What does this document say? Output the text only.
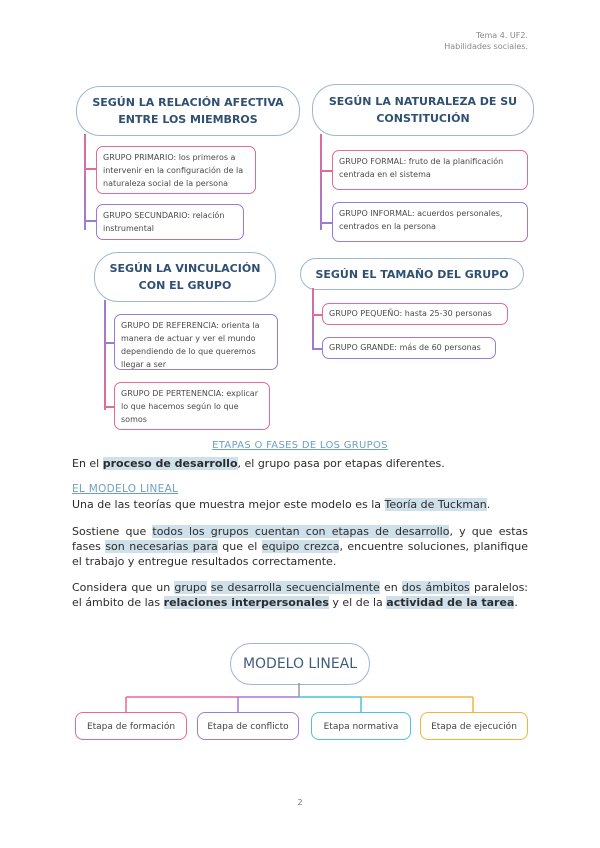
Tema 4. UF2.
Habilidades sociales.
SEGÚN LA RELACIÓN AFECTIVA ENTRE LOS MIEMBROS
GRUPO PRIMARIO: los primeros a intervenir en la configuración de la naturaleza social de la persona
GRUPO SECUNDARIO: relación instrumental
SEGÚN LA NATURALEZA DE SU CONSTITUCIÓN
GRUPO FORMAL: fruto de la planificación centrada en el sistema
GRUPO INFORMAL: acuerdos personales, centrados en la persona
SEGÚN LA VINCULACIÓN CON EL GRUPO
GRUPO DE REFERENCIA: orienta la manera de actuar y ver el mundo dependiendo de lo que queremos llegar a ser
GRUPO DE PERTENENCIA: explicar lo que hacemos según lo que somos
SEGÚN EL TAMAÑO DEL GRUPO
GRUPO PEQUEÑO: hasta 25-30 personas
GRUPO GRANDE: más de 60 personas
ETAPAS O FASES DE LOS GRUPOS
En el proceso de desarrollo, el grupo pasa por etapas diferentes.
EL MODELO LINEAL
Una de las teorías que muestra mejor este modelo es la Teoría de Tuckman.
Sostiene que todos los grupos cuentan con etapas de desarrollo, y que estas fases son necesarias para que el equipo crezca, encuentre soluciones, planifique el trabajo y entregue resultados correctamente.
Considera que un grupo se desarrolla secuencialmente en dos ámbitos paralelos: el ámbito de las relaciones interpersonales y el de la actividad de la tarea.
MODELO LINEAL
Etapa de formación	Etapa de conflicto	Etapa normativa	Etapa de ejecución
2
